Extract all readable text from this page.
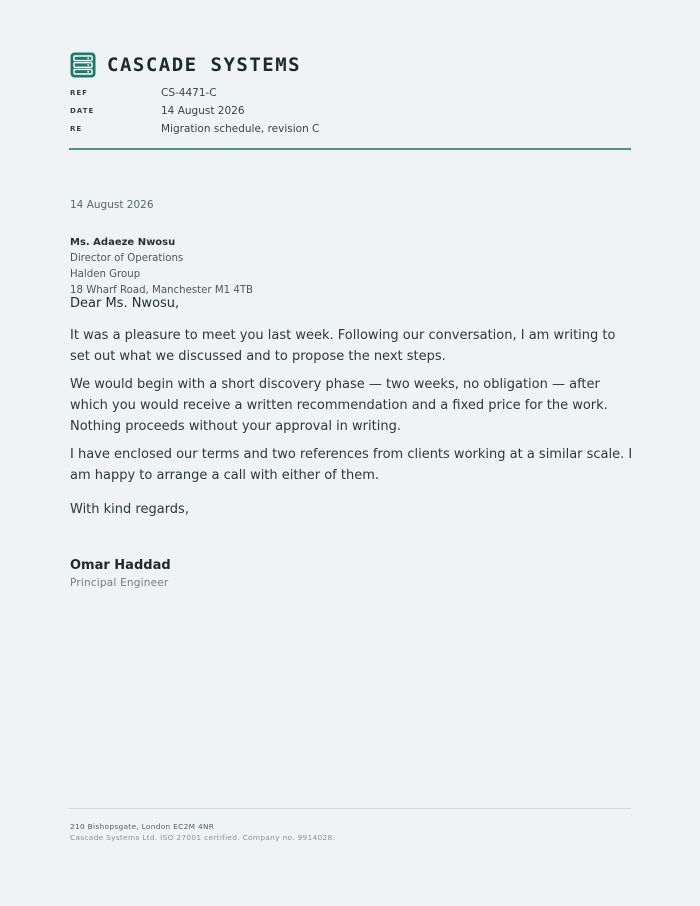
CASCADE SYSTEMS
REF	CS-4471-C
DATE	14 August 2026
RE	Migration schedule, revision C
14 August 2026
Ms. Adaeze Nwosu
Director of Operations
Halden Group
18 Wharf Road, Manchester M1 4TB
Dear Ms. Nwosu,

It was a pleasure to meet you last week. Following our conversation, I am writing to set out what we discussed and to propose the next steps.

We would begin with a short discovery phase — two weeks, no obligation — after which you would receive a written recommendation and a fixed price for the work. Nothing proceeds without your approval in writing.

I have enclosed our terms and two references from clients working at a similar scale. I am happy to arrange a call with either of them.

With kind regards,
Omar Haddad
Principal Engineer
210 Bishopsgate, London EC2M 4NR
Cascade Systems Ltd. ISO 27001 certified. Company no. 9914028.
